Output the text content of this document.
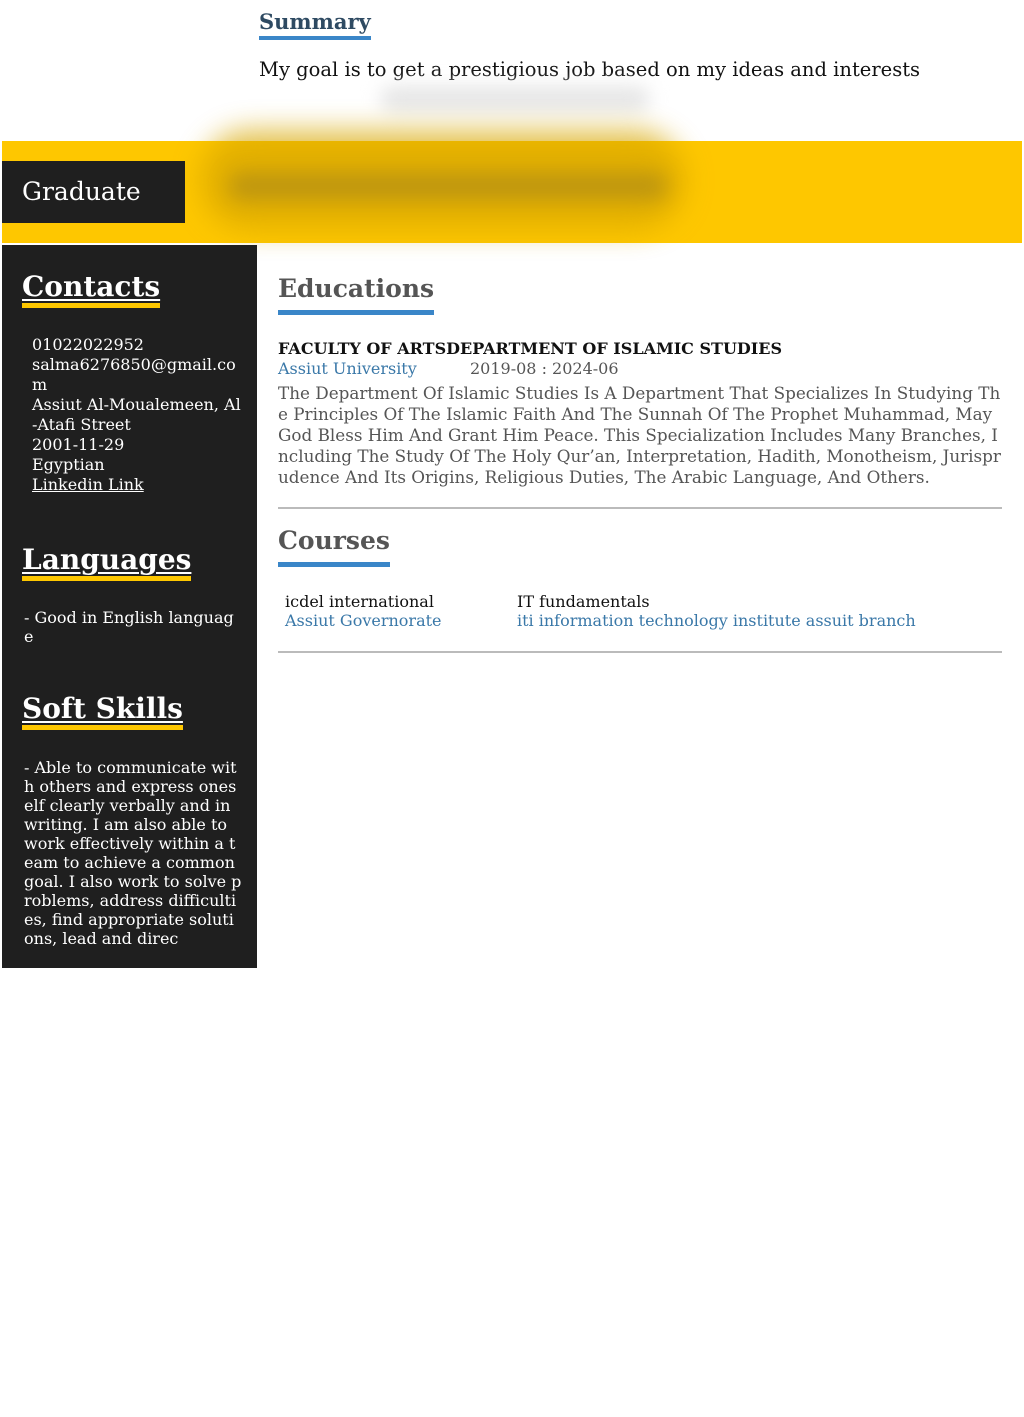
Summary

My goal is to get a prestigious job based on my ideas and interests

Graduate
Contacts
01022022952
salma6276850@gmail.com
Assiut Al-Moualemeen, Al-Atafi Street
2001-11-29
Egyptian
Linkedin Link
Languages
- Good in English language
Soft Skills
- Able to communicate with others and express oneself clearly verbally and in writing. I am also able to work effectively within a team to achieve a common goal. I also work to solve problems, address difficulties, find appropriate solutions, lead and direc
Educations
FACULTY OF ARTSDEPARTMENT OF ISLAMIC STUDIES
Assiut University	2019-08 : 2024-06
The Department Of Islamic Studies Is A Department That Specializes In Studying The Principles Of The Islamic Faith And The Sunnah Of The Prophet Muhammad, May God Bless Him And Grant Him Peace. This Specialization Includes Many Branches, Including The Study Of The Holy Qur’an, Interpretation, Hadith, Monotheism, Jurisprudence And Its Origins, Religious Duties, The Arabic Language, And Others.
Courses
icdel international
Assiut Governorate
IT fundamentals
iti information technology institute assuit branch
